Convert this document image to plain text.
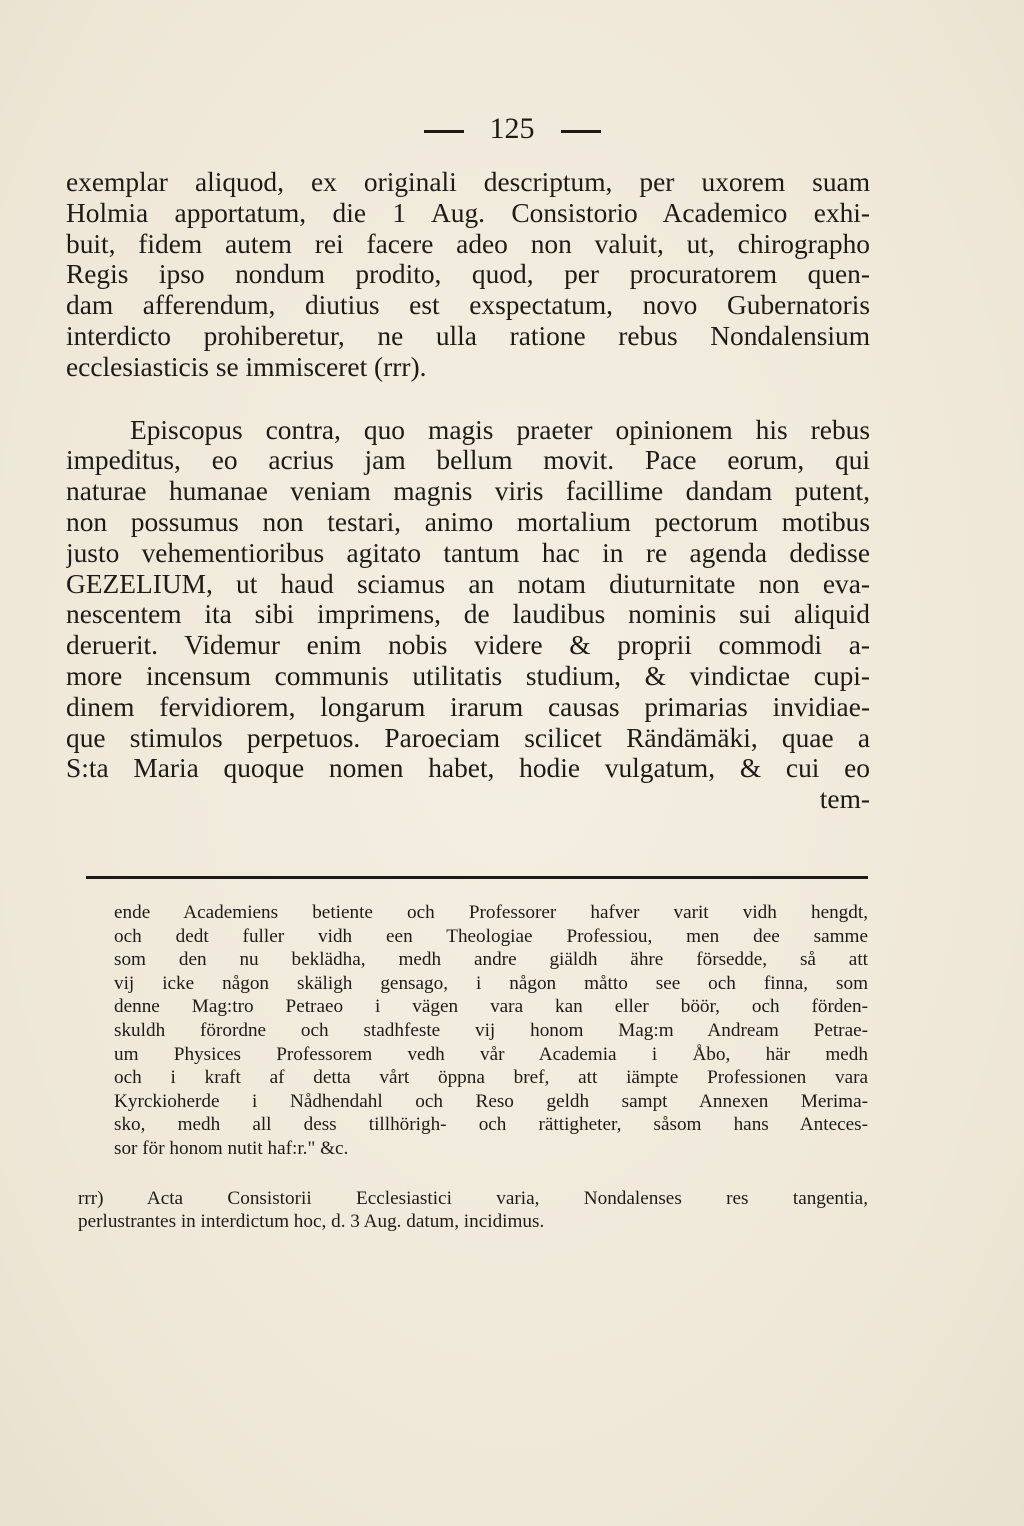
125
exemplar aliquod, ex originali descriptum, per uxorem suam
Holmia apportatum, die 1 Aug. Consistorio Academico exhi-
buit, fidem autem rei facere adeo non valuit, ut, chirographo
Regis ipso nondum prodito, quod, per procuratorem quen-
dam afferendum, diutius est exspectatum, novo Gubernatoris
interdicto prohiberetur, ne ulla ratione rebus Nondalensium
ecclesiasticis se immisceret (rrr).
Episcopus contra, quo magis praeter opinionem his rebus
impeditus, eo acrius jam bellum movit. Pace eorum, qui
naturae humanae veniam magnis viris facillime dandam putent,
non possumus non testari, animo mortalium pectorum motibus
justo vehementioribus agitato tantum hac in re agenda dedisse
GEZELIUM, ut haud sciamus an notam diuturnitate non eva-
nescentem ita sibi imprimens, de laudibus nominis sui aliquid
deruerit. Videmur enim nobis videre & proprii commodi a-
more incensum communis utilitatis studium, & vindictae cupi-
dinem fervidiorem, longarum irarum causas primarias invidiae-
que stimulos perpetuos. Paroeciam scilicet Rändämäki, quae a
S:ta Maria quoque nomen habet, hodie vulgatum, & cui eo
tem-
ende Academiens betiente och Professorer hafver varit vidh hengdt,
och dedt fuller vidh een Theologiae Professiou, men dee samme
som den nu beklädha, medh andre giäldh ähre försedde, så att
vij icke någon skäligh gensago, i någon måtto see och finna, som
denne Mag:tro Petraeo i vägen vara kan eller böör, och förden-
skuldh förordne och stadhfeste vij honom Mag:m Andream Petrae-
um Physices Professorem vedh vår Academia i Åbo, här medh
och i kraft af detta vårt öppna bref, att iämpte Professionen vara
Kyrckioherde i Nådhendahl och Reso geldh sampt Annexen Merima-
sko, medh all dess tillhörigh- och rättigheter, såsom hans Anteces-
sor för honom nutit haf:r." &c.
rrr) Acta Consistorii Ecclesiastici varia, Nondalenses res tangentia,
perlustrantes in interdictum hoc, d. 3 Aug. datum, incidimus.
